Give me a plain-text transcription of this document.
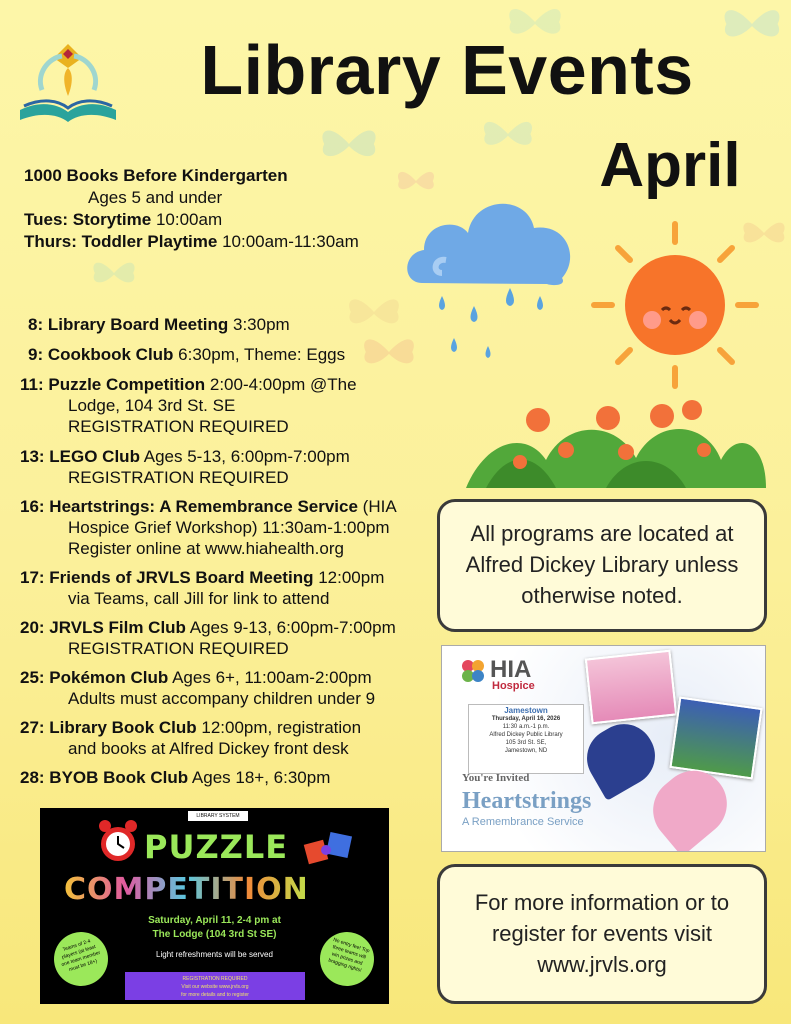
Library Events
April
1000 Books Before Kindergarten
Ages 5 and under
Tues: Storytime 10:00am
Thurs: Toddler Playtime 10:00am-11:30am
8: Library Board Meeting 3:30pm
9: Cookbook Club 6:30pm, Theme: Eggs
11: Puzzle Competition 2:00-4:00pm @The
Lodge, 104 3rd St. SE
REGISTRATION REQUIRED
13: LEGO Club Ages 5-13, 6:00pm-7:00pm
REGISTRATION REQUIRED
16: Heartstrings: A Remembrance Service (HIA
Hospice Grief Workshop) 11:30am-1:00pm
Register online at www.hiahealth.org
17: Friends of JRVLS Board Meeting 12:00pm
via Teams, call Jill for link to attend
20: JRVLS Film Club Ages 9-13, 6:00pm-7:00pm
REGISTRATION REQUIRED
25: Pokémon Club Ages 6+, 11:00am-2:00pm
Adults must accompany children under 9
27: Library Book Club 12:00pm, registration
and books at Alfred Dickey front desk
28: BYOB Book Club Ages 18+, 6:30pm
All programs are located at
Alfred Dickey Library unless
otherwise noted.
HIA
Hospice
Jamestown
Thursday, April 16, 2026
11:30 a.m.-1 p.m.
Alfred Dickey Public Library
105 3rd St. SE,
Jamestown, ND
You're Invited
Heartstrings
A Remembrance Service
For more information or to
register for events visit
www.jrvls.org
LIBRARY SYSTEM
PUZZLE
COMPETITION
Saturday, April 11, 2-4 pm at
The Lodge (104 3rd St SE)
Light refreshments will be served
Teams of 2-4 players (at least one team member must be 18+)
No entry fee! Top three teams will win prizes and bragging rights!
REGISTRATION REQUIRED
Visit our website www.jrvls.org
for more details and to register
